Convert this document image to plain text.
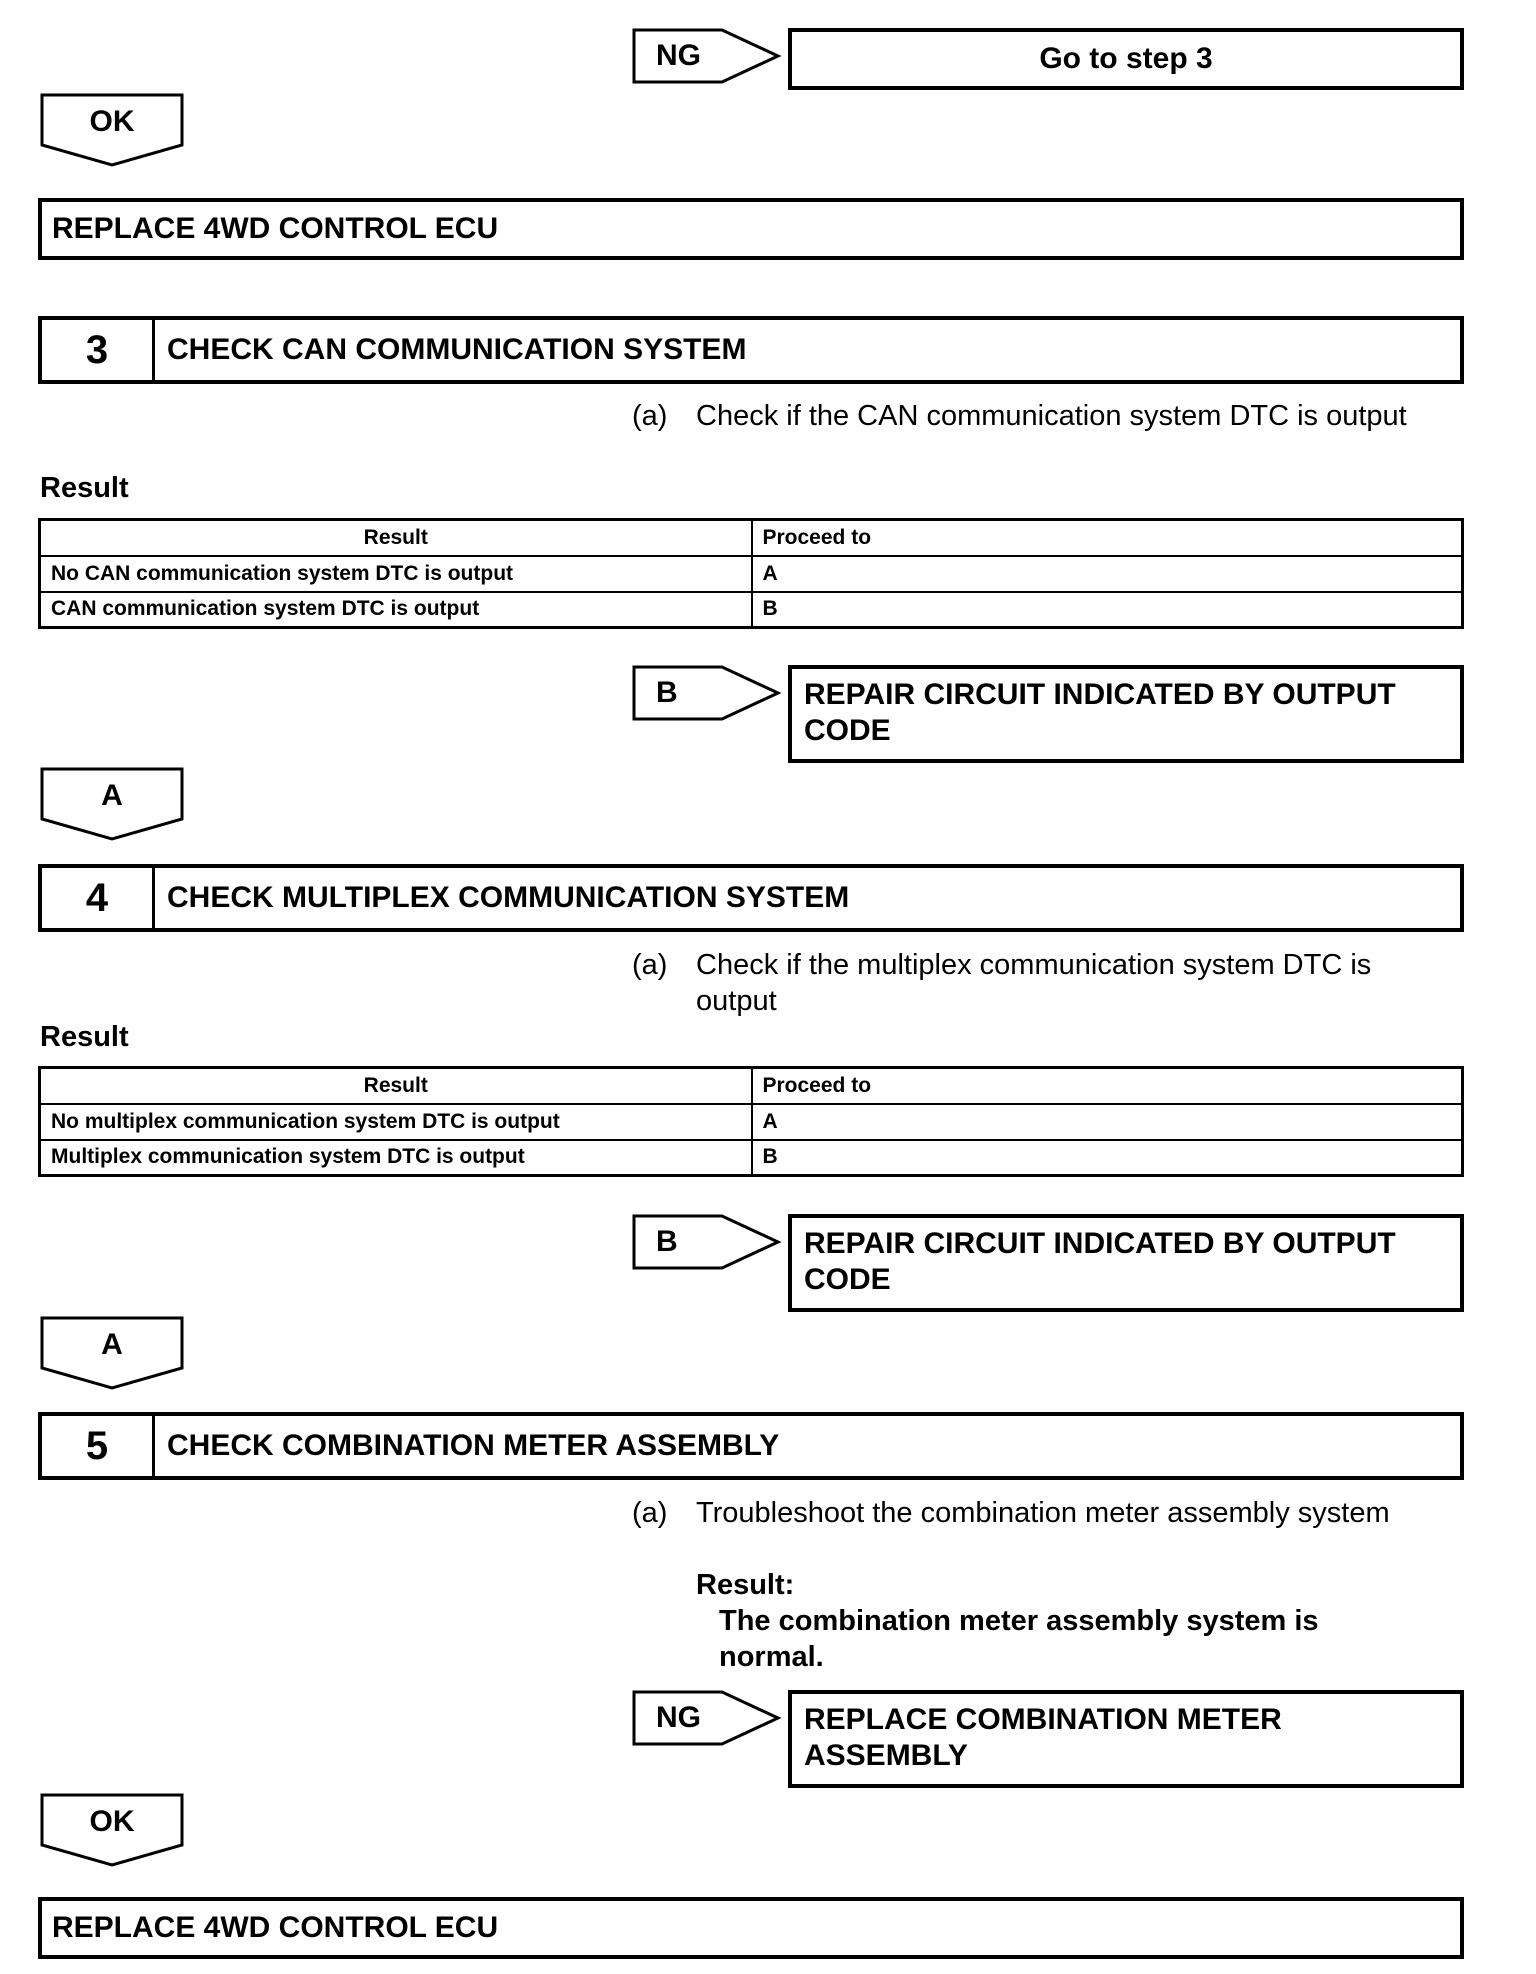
NG	Go to step 3
OK
REPLACE 4WD CONTROL ECU
3	CHECK CAN COMMUNICATION SYSTEM
(a) Check if the CAN communication system DTC is output
Result
Result	Proceed to
No CAN communication system DTC is output	A
CAN communication system DTC is output	B
B	REPAIR CIRCUIT INDICATED BY OUTPUT CODE
A
4	CHECK MULTIPLEX COMMUNICATION SYSTEM
(a) Check if the multiplex communication system DTC is output
Result
Result	Proceed to
No multiplex communication system DTC is output	A
Multiplex communication system DTC is output	B
B	REPAIR CIRCUIT INDICATED BY OUTPUT CODE
A
5	CHECK COMBINATION METER ASSEMBLY
(a) Troubleshoot the combination meter assembly system
Result:
The combination meter assembly system is normal.
NG	REPLACE COMBINATION METER ASSEMBLY
OK
REPLACE 4WD CONTROL ECU
